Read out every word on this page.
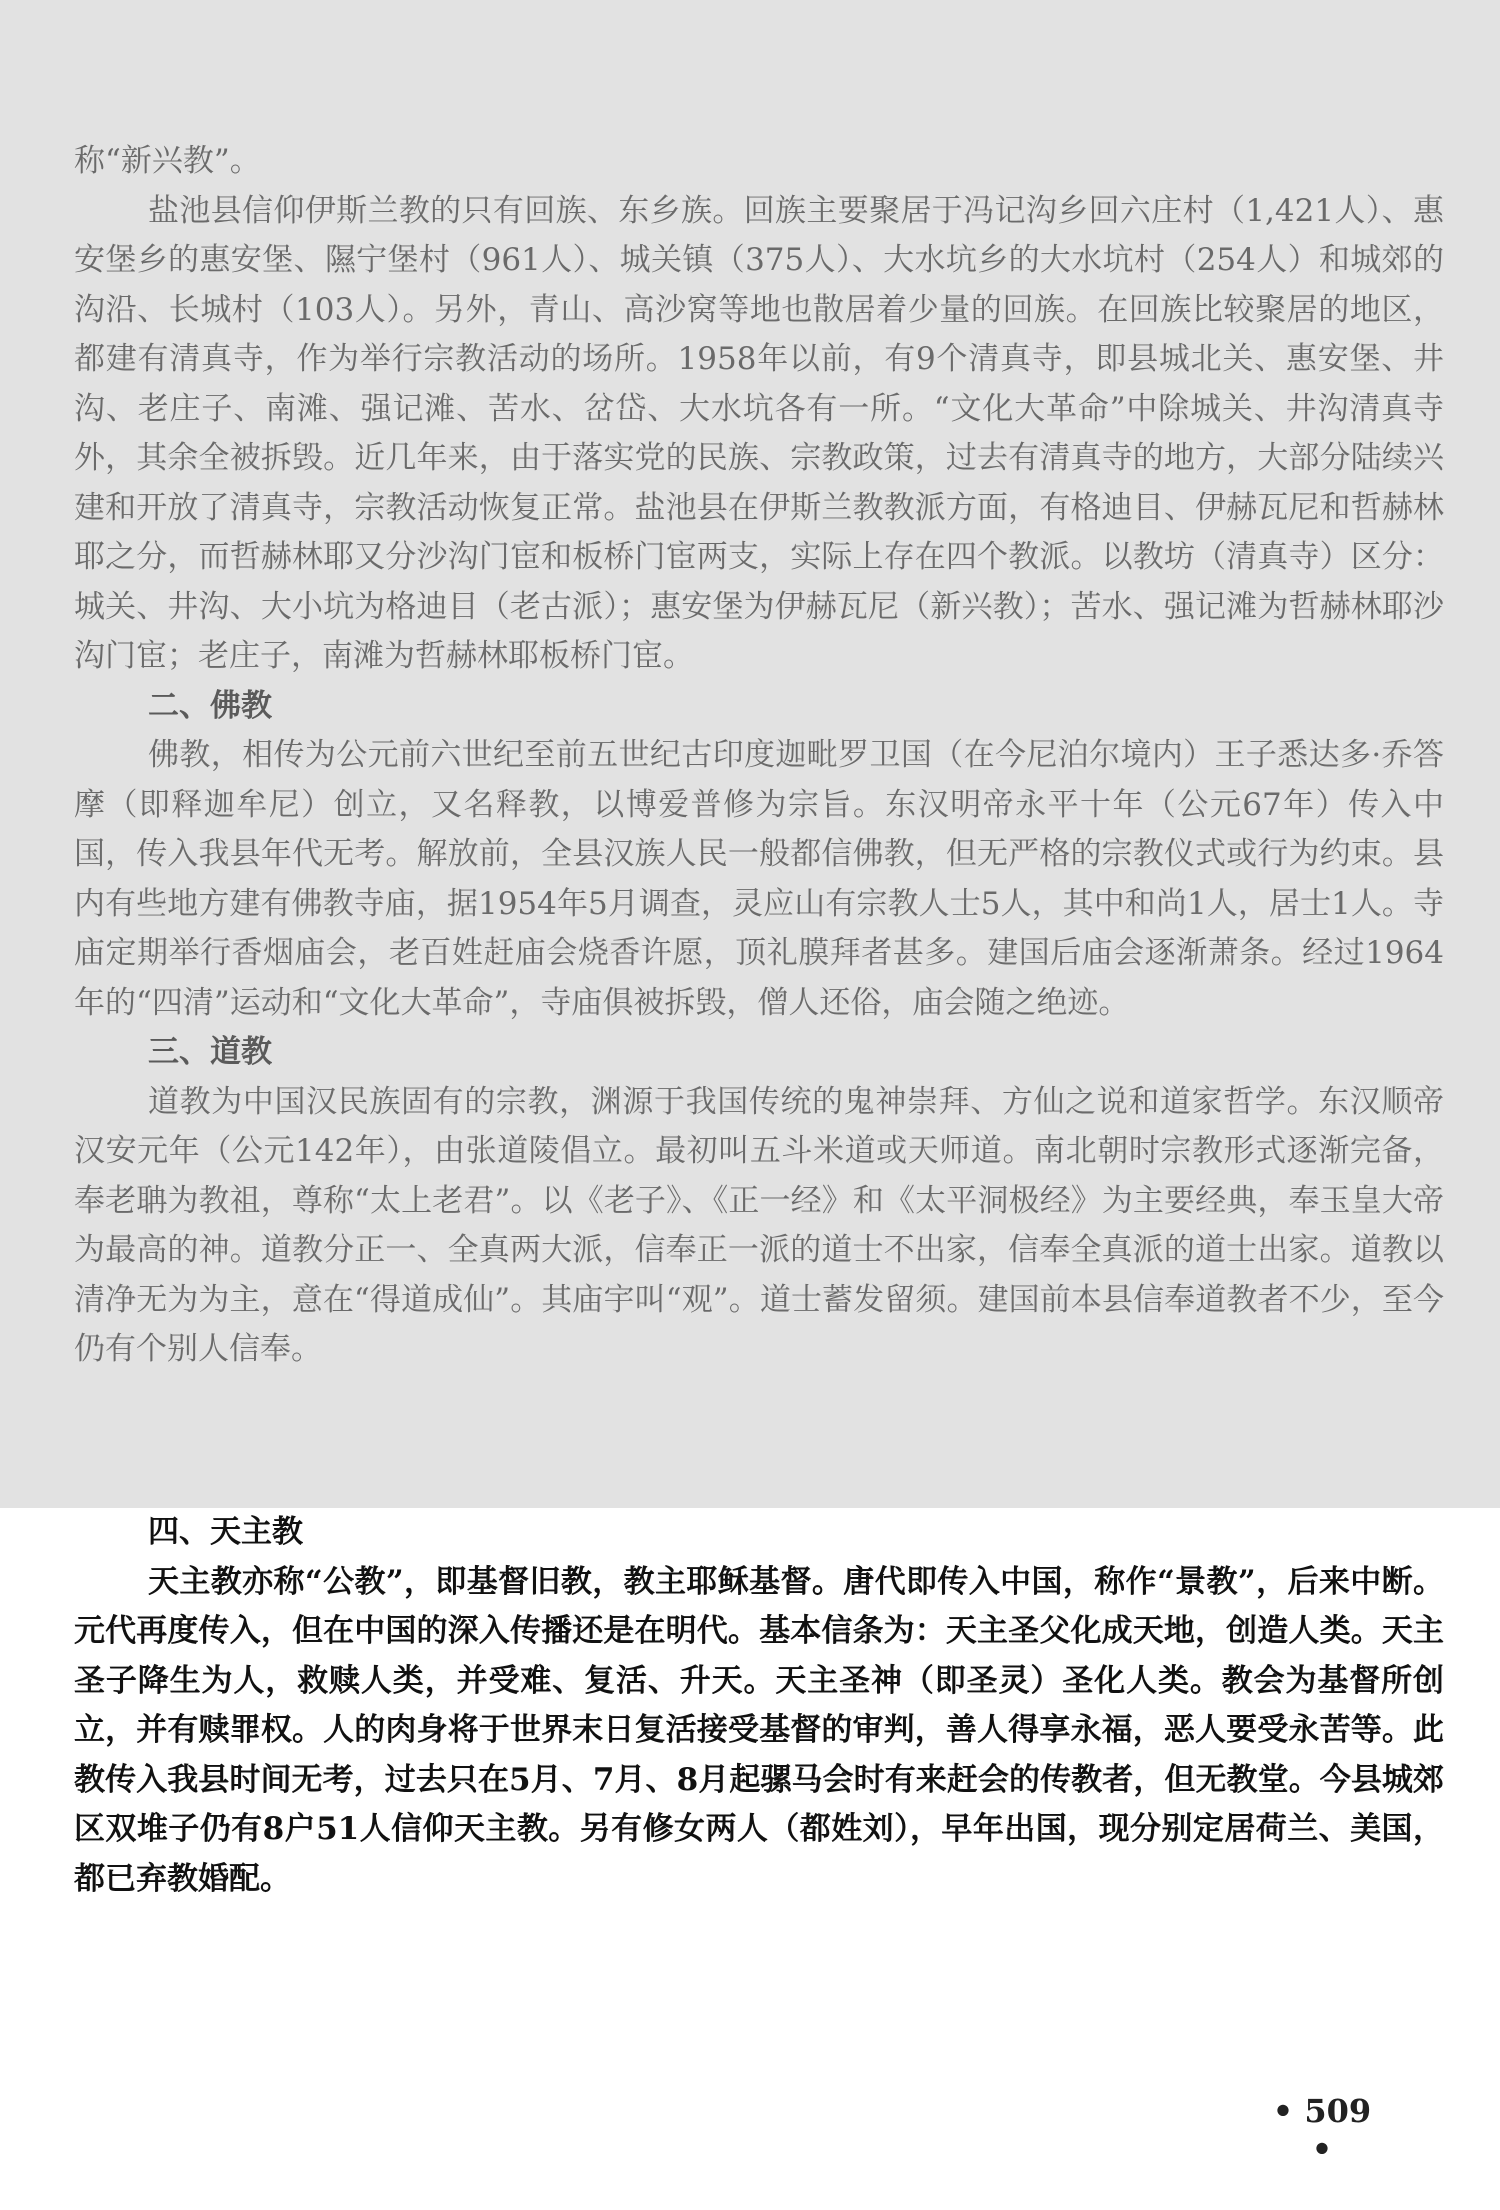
称“新兴教”。

盐池县信仰伊斯兰教的只有回族、东乡族。回族主要聚居于冯记沟乡回六庄村（1,421人）、惠安堡乡的惠安堡、隰宁堡村（961人）、城关镇（375人）、大水坑乡的大水坑村（254人）和城郊的沟沿、长城村（103人）。另外，青山、高沙窝等地也散居着少量的回族。在回族比较聚居的地区，都建有清真寺，作为举行宗教活动的场所。1958年以前，有9个清真寺，即县城北关、惠安堡、井沟、老庄子、南滩、强记滩、苦水、岔岱、大水坑各有一所。“文化大革命”中除城关、井沟清真寺外，其余全被拆毁。近几年来，由于落实党的民族、宗教政策，过去有清真寺的地方，大部分陆续兴建和开放了清真寺，宗教活动恢复正常。盐池县在伊斯兰教教派方面，有格迪目、伊赫瓦尼和哲赫林耶之分，而哲赫林耶又分沙沟门宦和板桥门宦两支，实际上存在四个教派。以教坊（清真寺）区分：城关、井沟、大小坑为格迪目（老古派）；惠安堡为伊赫瓦尼（新兴教）；苦水、强记滩为哲赫林耶沙沟门宦；老庄子，南滩为哲赫林耶板桥门宦。

二、佛教

佛教，相传为公元前六世纪至前五世纪古印度迦毗罗卫国（在今尼泊尔境内）王子悉达多·乔答摩（即释迦牟尼）创立，又名释教，以博爱普修为宗旨。东汉明帝永平十年（公元67年）传入中国，传入我县年代无考。解放前，全县汉族人民一般都信佛教，但无严格的宗教仪式或行为约束。县内有些地方建有佛教寺庙，据1954年5月调查，灵应山有宗教人士5人，其中和尚1人，居士1人。寺庙定期举行香烟庙会，老百姓赶庙会烧香许愿，顶礼膜拜者甚多。建国后庙会逐渐萧条。经过1964年的“四清”运动和“文化大革命”，寺庙俱被拆毁，僧人还俗，庙会随之绝迹。

三、道教

道教为中国汉民族固有的宗教，渊源于我国传统的鬼神崇拜、方仙之说和道家哲学。东汉顺帝汉安元年（公元142年），由张道陵倡立。最初叫五斗米道或天师道。南北朝时宗教形式逐渐完备，奉老聃为教祖，尊称“太上老君”。以《老子》、《正一经》和《太平洞极经》为主要经典，奉玉皇大帝为最高的神。道教分正一、全真两大派，信奉正一派的道士不出家，信奉全真派的道士出家。道教以清净无为为主，意在“得道成仙”。其庙宇叫“观”。道士蓄发留须。建国前本县信奉道教者不少，至今仍有个别人信奉。

四、天主教

天主教亦称“公教”，即基督旧教，教主耶稣基督。唐代即传入中国，称作“景教”，后来中断。元代再度传入，但在中国的深入传播还是在明代。基本信条为：天主圣父化成天地，创造人类。天主圣子降生为人，救赎人类，并受难、复活、升天。天主圣神（即圣灵）圣化人类。教会为基督所创立，并有赎罪权。人的肉身将于世界末日复活接受基督的审判，善人得享永福，恶人要受永苦等。此教传入我县时间无考，过去只在5月、7月、8月起骡马会时有来赶会的传教者，但无教堂。今县城郊区双堆子仍有8户51人信仰天主教。另有修女两人（都姓刘），早年出国，现分别定居荷兰、美国，都已弃教婚配。

• 509 •
